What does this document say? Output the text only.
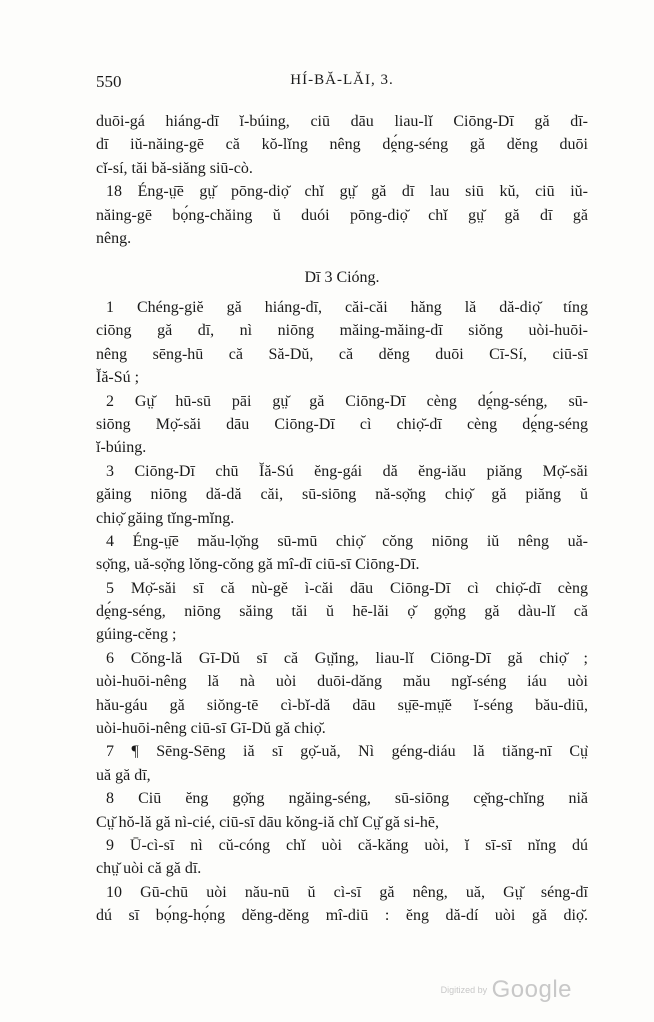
550	HÍ-BĂ-LĂI, 3.
duōi-gá hiáng-dī ĭ-búing, ciū dāu liau-lĭ Ciōng-Dī gă dī-
dī iŭ-năing-gē că kŏ-lĭng nêng dḙ́ng-séng gă dĕng duōi
cĭ-sí, tăi bă-siăng siū-cò.
18 Éng-ṳ̄ē gṳ̆ pōng-diọ̆ chĭ gṳ̆ gă dī lau siū kŭ, ciū iŭ-
năing-gē bọ́ng-chăing ŭ duói pōng-diọ̆ chĭ gṳ̆ gă dī gă
nêng.
Dī 3 Cióng.
1 Chéng-giĕ gă hiáng-dī, căi-căi hăng lă dă-diọ̆ tíng
ciōng gă dī, nì niōng măing-măing-dī siŏng uòi-huōi-
nêng sēng-hū că Să-Dŭ, că dĕng duōi Cī-Sí, ciū-sī
Ĭă-Sú ;
2 Gṳ̆ hū-sū pāi gṳ̆ gă Ciōng-Dī cèng dḙ́ng-séng, sū-
siōng Mọ̆-săi dāu Ciōng-Dī cì chiọ̆-dī cèng dḙ́ng-séng
ĭ-búing.
3 Ciōng-Dī chū Ĭă-Sú ĕng-gái dă ĕng-iău piăng Mọ̆-săi
găing niōng dă-dă căi, sū-siōng nă-sọ̆ng chiọ̆ gă piăng ŭ
chiọ̆ găing tĭng-mĭng.
4 Éng-ṳ̄ē mău-lọ̆ng sū-mū chiọ̆ cŏng niōng iŭ nêng uă-
sọ̆ng, uă-sọ̆ng lŏng-cŏng gă mî-dī ciū-sī Ciōng-Dī.
5 Mọ̆-săi sī că nù-gĕ ì-căi dāu Ciōng-Dī cì chiọ̆-dī cèng
dḙ́ng-séng, niōng săing tăi ŭ hē-lăi ọ̆ gọ̆ng gă dàu-lĭ că
gúing-cĕng ;
6 Cŏng-lă Gī-Dŭ sī că Gṳ̆ing, liau-lĭ Ciōng-Dī gă chiọ̆ ;
uòi-huōi-nêng lă nà uòi duōi-dăng mău ngĭ-séng iáu uòi
hău-gáu gă siŏng-tē cì-bĭ-dă dāu sṳ̄ē-mṳ̄ĕ ĭ-séng bău-diū,
uòi-huōi-nêng ciū-sī Gī-Dŭ gă chiọ̆.
7 ¶ Sēng-Sēng iă sī gọ̆-uă, Nì géng-diáu lă tiăng-nī Cṳ̆
uă gă dī,
8 Ciū ĕng gọ̆ng ngăing-séng, sū-siōng cḙ̆ng-chĭng niă
Cṳ̆ hŏ-lă gă nì-cié, ciū-sī dāu kŏng-iă chĭ Cṳ̆ gă si-hē,
9 Ū-cì-sī nì cŭ-cóng chĭ uòi că-kăng uòi, ĭ sī-sī nĭng dú
chṳ̆ uòi că gă dī.
10 Gū-chū uòi nău-nū ŭ cì-sī gă nêng, uă, Gṳ̆ séng-dī
dú sī bọ́ng-họ́ng dĕng-dĕng mî-diū : ĕng dă-dí uòi gă diọ̆.
Digitized by Google
